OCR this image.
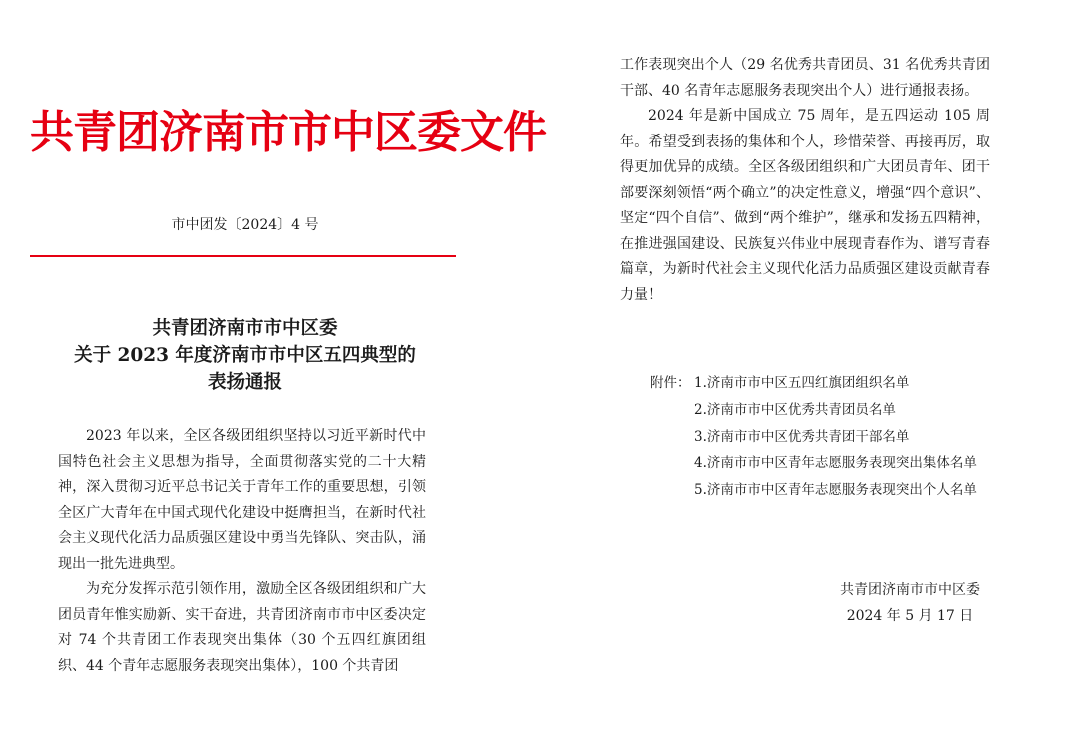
共青团济南市市中区委文件
市中团发〔2024〕4 号
共青团济南市市中区委
关于 2023 年度济南市市中区五四典型的
表扬通报

2023 年以来，全区各级团组织坚持以习近平新时代中国特色社会主义思想为指导，全面贯彻落实党的二十大精神，深入贯彻习近平总书记关于青年工作的重要思想，引领全区广大青年在中国式现代化建设中挺膺担当，在新时代社会主义现代化活力品质强区建设中勇当先锋队、突击队，涌现出一批先进典型。

为充分发挥示范引领作用，激励全区各级团组织和广大团员青年惟实励新、实干奋进，共青团济南市市中区委决定对 74 个共青团工作表现突出集体（30 个五四红旗团组织、44 个青年志愿服务表现突出集体），100 个共青团

工作表现突出个人（29 名优秀共青团员、31 名优秀共青团干部、40 名青年志愿服务表现突出个人）进行通报表扬。

2024 年是新中国成立 75 周年，是五四运动 105 周年。希望受到表扬的集体和个人，珍惜荣誉、再接再厉，取得更加优异的成绩。全区各级团组织和广大团员青年、团干部要深刻领悟“两个确立”的决定性意义，增强“四个意识”、坚定“四个自信”、做到“两个维护”，继承和发扬五四精神，在推进强国建设、民族复兴伟业中展现青春作为、谱写青春篇章，为新时代社会主义现代化活力品质强区建设贡献青春力量！

附件： 1.济南市市中区五四红旗团组织名单
2.济南市市中区优秀共青团员名单
3.济南市市中区优秀共青团干部名单
4.济南市市中区青年志愿服务表现突出集体名单
5.济南市市中区青年志愿服务表现突出个人名单
共青团济南市市中区委
2024 年 5 月 17 日
